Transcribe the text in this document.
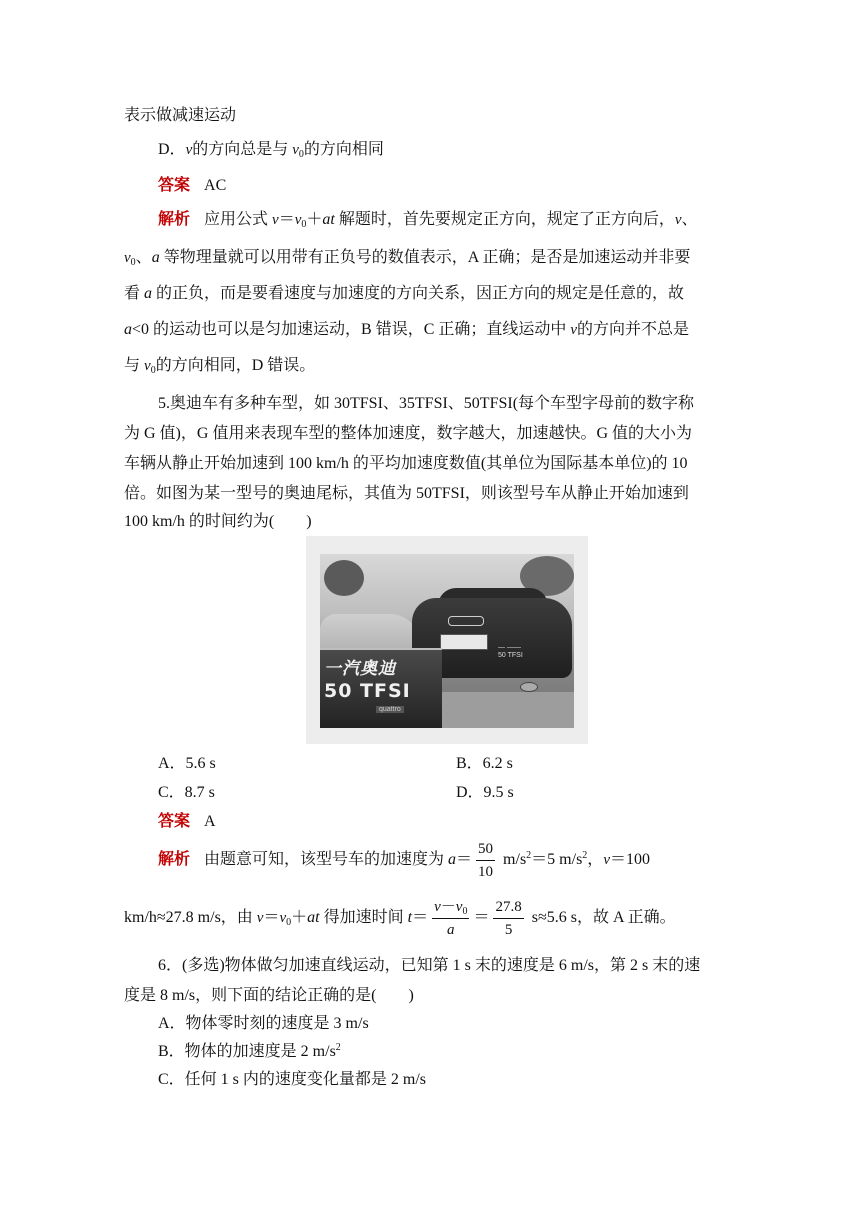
表示做减速运动
D．v的方向总是与 $v_0$的方向相同
答案 AC
解析 应用公式 $v=v_0+at$ 解题时，首先要规定正方向，规定了正方向后，v、
$v_0$、a 等物理量就可以用带有正负号的数值表示，A 正确；是否是加速运动并非要
看 a 的正负，而是要看速度与加速度的方向关系，因正方向的规定是任意的，故
a<0 的运动也可以是匀加速运动，B 错误，C 正确；直线运动中 v的方向并不总是
与 $v_0$的方向相同，D 错误。
5.奥迪车有多种车型，如 30TFSI、35TFSI、50TFSI(每个车型字母前的数字称
为 G 值)，G 值用来表现车型的整体加速度，数字越大，加速越快。G 值的大小为
车辆从静止开始加速到 100 km/h 的平均加速度数值(其单位为国际基本单位)的 10
倍。如图为某一型号的奥迪尾标，其值为 50TFSI，则该型号车从静止开始加速到
100 km/h 的时间约为(　　)
— ——
50 TFSI
一汽奥迪
50 TFSI
quattro
A．5.6 s	B．6.2 s
C．8.7 s	D．9.5 s
答案 A
解析 由题意可知，该型号车的加速度为 $a= \frac{50}{10} m/s^2=5$ $m/s^2$，v＝100
km/h≈27.8 m/s，由 $v=v_0+at$ 得加速时间 $t= \frac{v-v_0}{a} = \frac{27.8}{5} s\approx 5.6$ s，故 A 正确。
6．(多选)物体做匀加速直线运动，已知第 1 s 末的速度是 6 m/s，第 2 s 末的速
度是 8 m/s，则下面的结论正确的是(　　)
A．物体零时刻的速度是 3 m/s
B．物体的加速度是 2 $m/s^2$
C．任何 1 s 内的速度变化量都是 2 m/s
